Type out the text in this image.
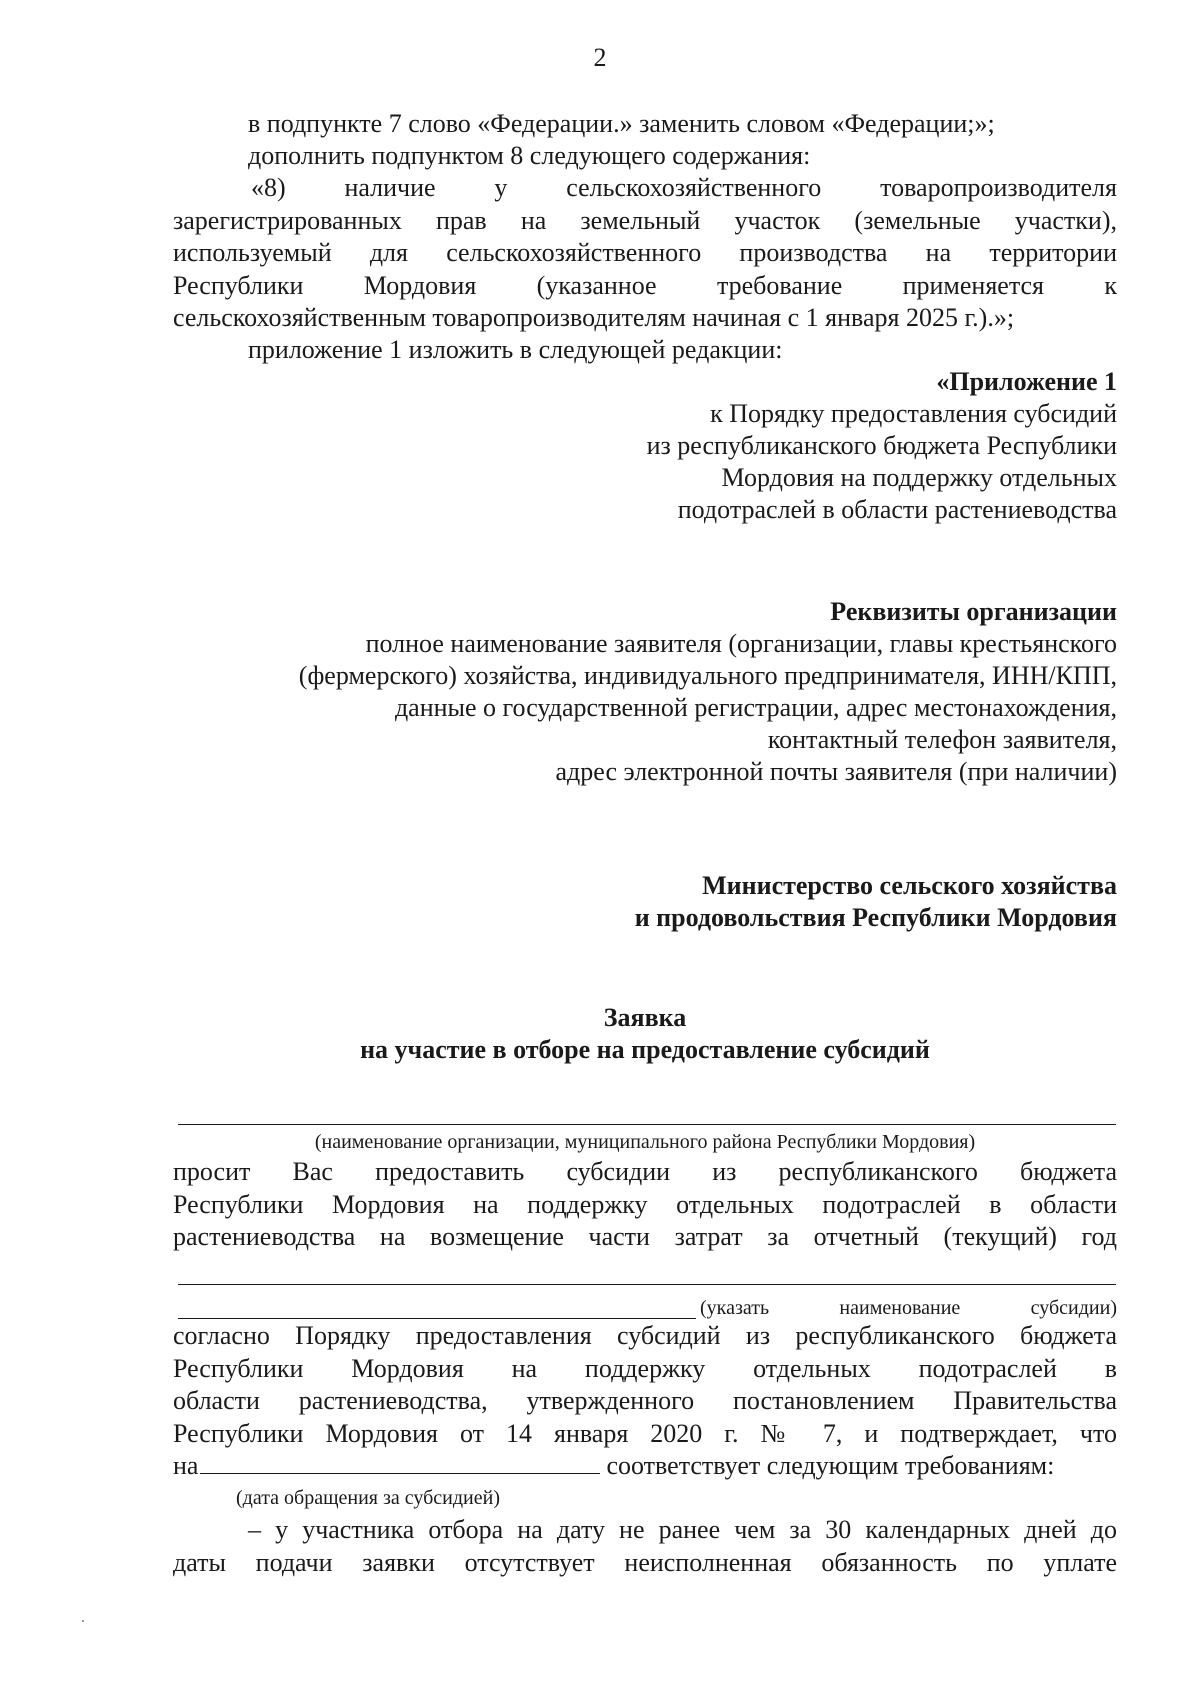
2
в подпункте 7 слово «Федерации.» заменить словом «Федерации;»;
дополнить подпунктом 8 следующего содержания:
«8) наличие у сельскохозяйственного товаропроизводителя
зарегистрированных прав на земельный участок (земельные участки),
используемый для сельскохозяйственного производства на территории
Республики Мордовия (указанное требование применяется к
сельскохозяйственным товаропроизводителям начиная с 1 января 2025 г.).»;
приложение 1 изложить в следующей редакции:
«Приложение 1
к Порядку предоставления субсидий
из республиканского бюджета Республики
Мордовия на поддержку отдельных
подотраслей в области растениеводства
Реквизиты организации
полное наименование заявителя (организации, главы крестьянского
(фермерского) хозяйства, индивидуального предпринимателя, ИНН/КПП,
данные о государственной регистрации, адрес местонахождения,
контактный телефон заявителя,
адрес электронной почты заявителя (при наличии)
Министерство сельского хозяйства
и продовольствия Республики Мордовия
Заявка
на участие в отборе на предоставление субсидий
(наименование организации, муниципального района Республики Мордовия)
просит Вас предоставить субсидии из республиканского бюджета
Республики Мордовия на поддержку отдельных подотраслей в области
растениеводства на возмещение части затрат за отчетный (текущий) год
(указать наименование субсидии)
согласно Порядку предоставления субсидий из республиканского бюджета
Республики Мордовия на поддержку отдельных подотраслей в
области растениеводства, утвержденного постановлением Правительства
Республики Мордовия от 14 января 2020 г. № 7, и подтверждает, что
на	соответствует следующим требованиям:
(дата обращения за субсидией)
– у участника отбора на дату не ранее чем за 30 календарных дней до
даты подачи заявки отсутствует неисполненная обязанность по уплате
